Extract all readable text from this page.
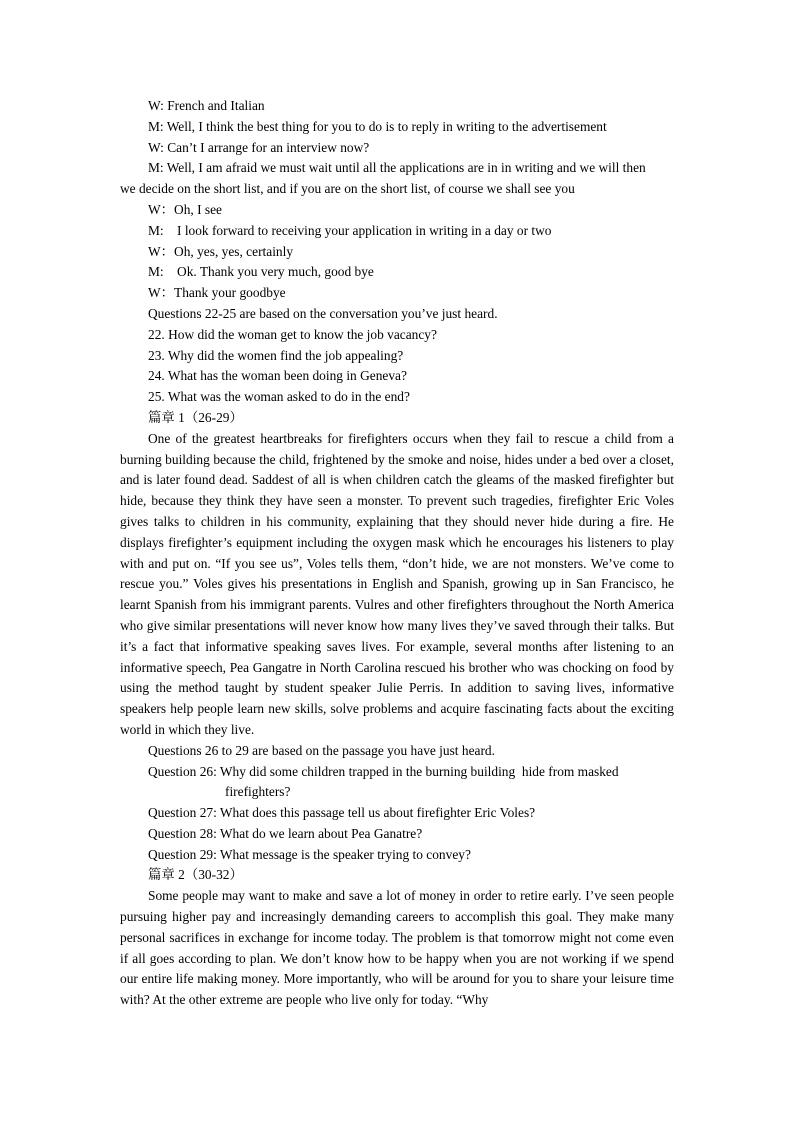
W: French and Italian
M: Well, I think the best thing for you to do is to reply in writing to the advertisement
W: Can’t I arrange for an interview now?
M: Well, I am afraid we must wait until all the applications are in in writing and we will then
we decide on the short list, and if you are on the short list, of course we shall see you
W：Oh, I see
M:    I look forward to receiving your application in writing in a day or two
W：Oh, yes, yes, certainly
M:    Ok. Thank you very much, good bye
W：Thank your goodbye
Questions 22-25 are based on the conversation you’ve just heard.
22. How did the woman get to know the job vacancy?
23. Why did the women find the job appealing?
24. What has the woman been doing in Geneva?
25. What was the woman asked to do in the end?
篇章 1（26-29）

One of the greatest heartbreaks for firefighters occurs when they fail to rescue a child from a burning building because the child, frightened by the smoke and noise, hides under a bed over a closet, and is later found dead. Saddest of all is when children catch the gleams of the masked firefighter but hide, because they think they have seen a monster. To prevent such tragedies, firefighter Eric Voles gives talks to children in his community, explaining that they should never hide during a fire. He displays firefighter’s equipment including the oxygen mask which he encourages his listeners to play with and put on. “If you see us”, Voles tells them, “don’t hide, we are not monsters. We’ve come to rescue you.” Voles gives his presentations in English and Spanish, growing up in San Francisco, he learnt Spanish from his immigrant parents. Vulres and other firefighters throughout the North America who give similar presentations will never know how many lives they’ve saved through their talks. But it’s a fact that informative speaking saves lives. For example, several months after listening to an informative speech, Pea Gangatre in North Carolina rescued his brother who was chocking on food by using the method taught by student speaker Julie Perris. In addition to saving lives, informative speakers help people learn new skills, solve problems and acquire fascinating facts about the exciting world in which they live.

Questions 26 to 29 are based on the passage you have just heard.
Question 26: Why did some children trapped in the burning building  hide from masked
firefighters?
Question 27: What does this passage tell us about firefighter Eric Voles?
Question 28: What do we learn about Pea Ganatre?
Question 29: What message is the speaker trying to convey?
篇章 2（30-32）

Some people may want to make and save a lot of money in order to retire early. I’ve seen people pursuing higher pay and increasingly demanding careers to accomplish this goal. They make many personal sacrifices in exchange for income today. The problem is that tomorrow might not come even if all goes according to plan. We don’t know how to be happy when you are not working if we spend our entire life making money. More importantly, who will be around for you to share your leisure time with? At the other extreme are people who live only for today. “Why
